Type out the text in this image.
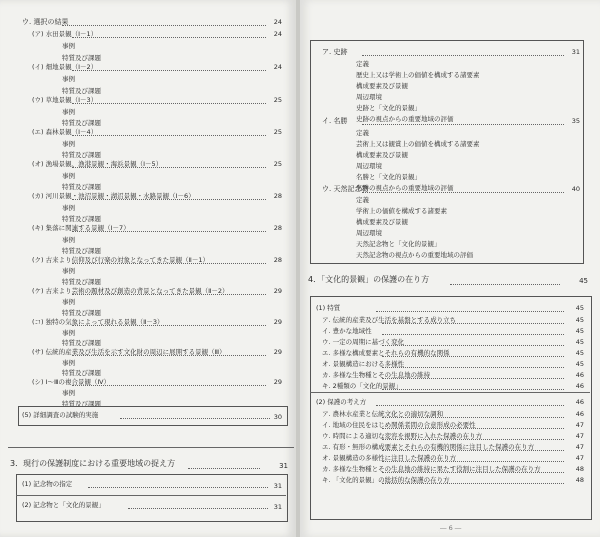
ウ. 選択の結果	24
(ア) 水田景観（Ⅰ－1）	24
事例
特質及び課題
(イ) 畑地景観（Ⅰ－2）	24
事例
特質及び課題
(ウ) 草地景観（Ⅰ－3）	25
事例
特質及び課題
(エ) 森林景観（Ⅰ－4）	25
事例
特質及び課題
(オ) 漁場景観、漁港景観・海浜景観（Ⅰ－5）	25
事例
特質及び課題
(カ) 河川景観・池沼景観・湖沼景観・水路景観（Ⅰ－6）	28
事例
特質及び課題
(キ) 集落に関連する景観（Ⅰ－7）	28
事例
特質及び課題
(ク) 古来より信仰及び行楽の対象となってきた景観（Ⅱ－1）	28
事例
特質及び課題
(ケ) 古来より芸術の題材及び創造の背景となってきた景観（Ⅱ－2）	29
事例
特質及び課題
(コ) 独特の気象によって現れる景観（Ⅱ－3）	29
事例
特質及び課題
(サ) 伝統的産業及び生活を示す文化財の周辺に展開する景観（Ⅲ）	29
事例
特質及び課題
(シ) Ⅰ～Ⅲの複合景観（Ⅳ）	29
事例
特質及び課題
(5) 詳細調査の試験的実施	30
3．現行の保護制度における重要地域の捉え方	31
(1) 記念物の指定	31
(2) 記念物と「文化的景観」	31
ア. 史跡	31
定義
歴史上又は学術上の価値を構成する諸要素
構成要素及び景観
周辺環境
史跡と「文化的景観」
史跡の視点からの重要地域の評価
イ. 名勝	35
定義
芸術上又は観賞上の価値を構成する諸要素
構成要素及び景観
周辺環境
名勝と「文化的景観」
名勝の視点からの重要地域の評価
ウ. 天然記念物	40
定義
学術上の価値を構成する諸要素
構成要素及び景観
周辺環境
天然記念物と「文化的景観」
天然記念物の視点からの重要地域の評価
4．「文化的景観」の保護の在り方	45
(1) 特質	45
ア. 伝統的産業及び生活を基盤とする成り立ち	45
イ. 豊かな地域性	45
ウ. 一定の周期に基づく変化	45
エ. 多様な構成要素とそれらの有機的な関係	45
オ. 景観構造における多様性	45
カ. 多様な生物種とその生息地の維持	46
キ. 2種類の「文化的景観」	46
(2) 保護の考え方	46
ア. 農林水産業と伝統文化との適切な調和	46
イ. 地域の住民をはじめ関係者間の合意形成の必要性	47
ウ. 時間による適切な変容を視野に入れた保護の在り方	47
エ. 有形・無形の構成要素とそれらの有機的関係に注目した保護の在り方	47
オ. 景観構造の多様性に注目した保護の在り方	47
カ. 多様な生物種とその生息地の維持に果たす役割に注目した保護の在り方	48
キ. 「文化的景観」の総括的な保護の在り方	48
― 6 ―
